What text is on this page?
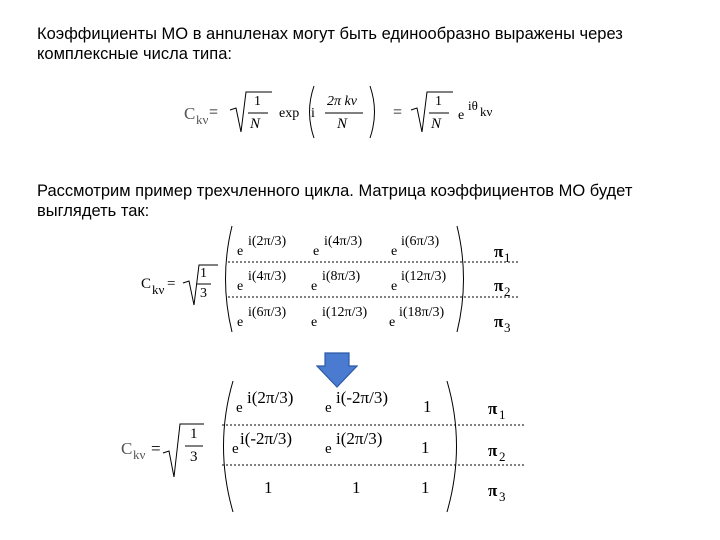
Коэффициенты МО в анnuленах могут быть единообразно выражены через комплексные числа типа:

Рассмотрим пример трехчленного цикла. Матрица коэффициентов МО будет выглядеть так:

C kν =
1
N
exp i
2π kν
N
=
1
N
e
iθ kν
C kν =
1
3
e
i(2π/3)
e
i(4π/3)
e
i(6π/3)
e
i(4π/3)
e
i(8π/3)
e
i(12π/3)
e
i(6π/3)
e
i(12π/3)
e
i(18π/3)
π 1
π 2
π 3
C kν =
1
3
e
i(2π/3)
e
i(-2π/3) 1
e
i(-2π/3)
e
i(2π/3) 1
1	1	1
π 1
π 2
π 3
